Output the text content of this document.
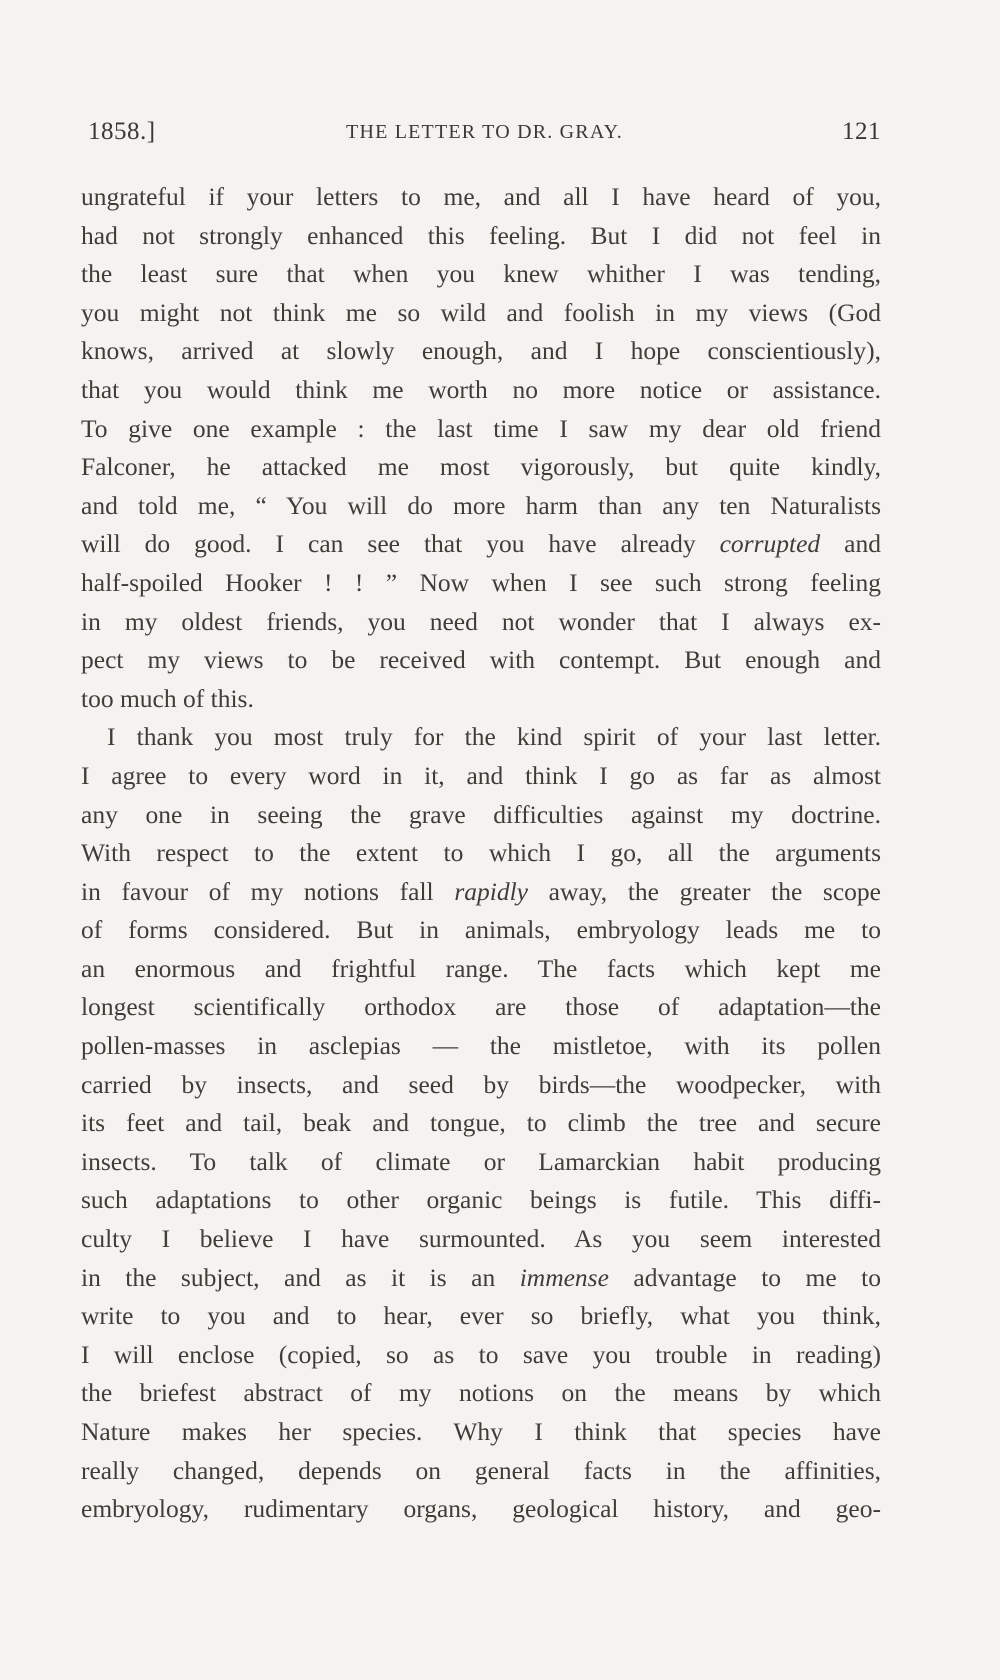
1858.]	THE LETTER TO DR. GRAY.	121
ungrateful if your letters to me, and all I have heard of you,
had not strongly enhanced this feeling. But I did not feel in
the least sure that when you knew whither I was tending,
you might not think me so wild and foolish in my views (God
knows, arrived at slowly enough, and I hope conscientiously),
that you would think me worth no more notice or assistance.
To give one example : the last time I saw my dear old friend
Falconer, he attacked me most vigorously, but quite kindly,
and told me, “ You will do more harm than any ten Naturalists
will do good. I can see that you have already corrupted and
half-spoiled Hooker ! ! ” Now when I see such strong feeling
in my oldest friends, you need not wonder that I always ex-
pect my views to be received with contempt. But enough and
too much of this.
I thank you most truly for the kind spirit of your last letter.
I agree to every word in it, and think I go as far as almost
any one in seeing the grave difficulties against my doctrine.
With respect to the extent to which I go, all the arguments
in favour of my notions fall rapidly away, the greater the scope
of forms considered. But in animals, embryology leads me to
an enormous and frightful range. The facts which kept me
longest scientifically orthodox are those of adaptation—the
pollen-masses in asclepias — the mistletoe, with its pollen
carried by insects, and seed by birds—the woodpecker, with
its feet and tail, beak and tongue, to climb the tree and secure
insects. To talk of climate or Lamarckian habit producing
such adaptations to other organic beings is futile. This diffi-
culty I believe I have surmounted. As you seem interested
in the subject, and as it is an immense advantage to me to
write to you and to hear, ever so briefly, what you think,
I will enclose (copied, so as to save you trouble in reading)
the briefest abstract of my notions on the means by which
Nature makes her species. Why I think that species have
really changed, depends on general facts in the affinities,
embryology, rudimentary organs, geological history, and geo-
